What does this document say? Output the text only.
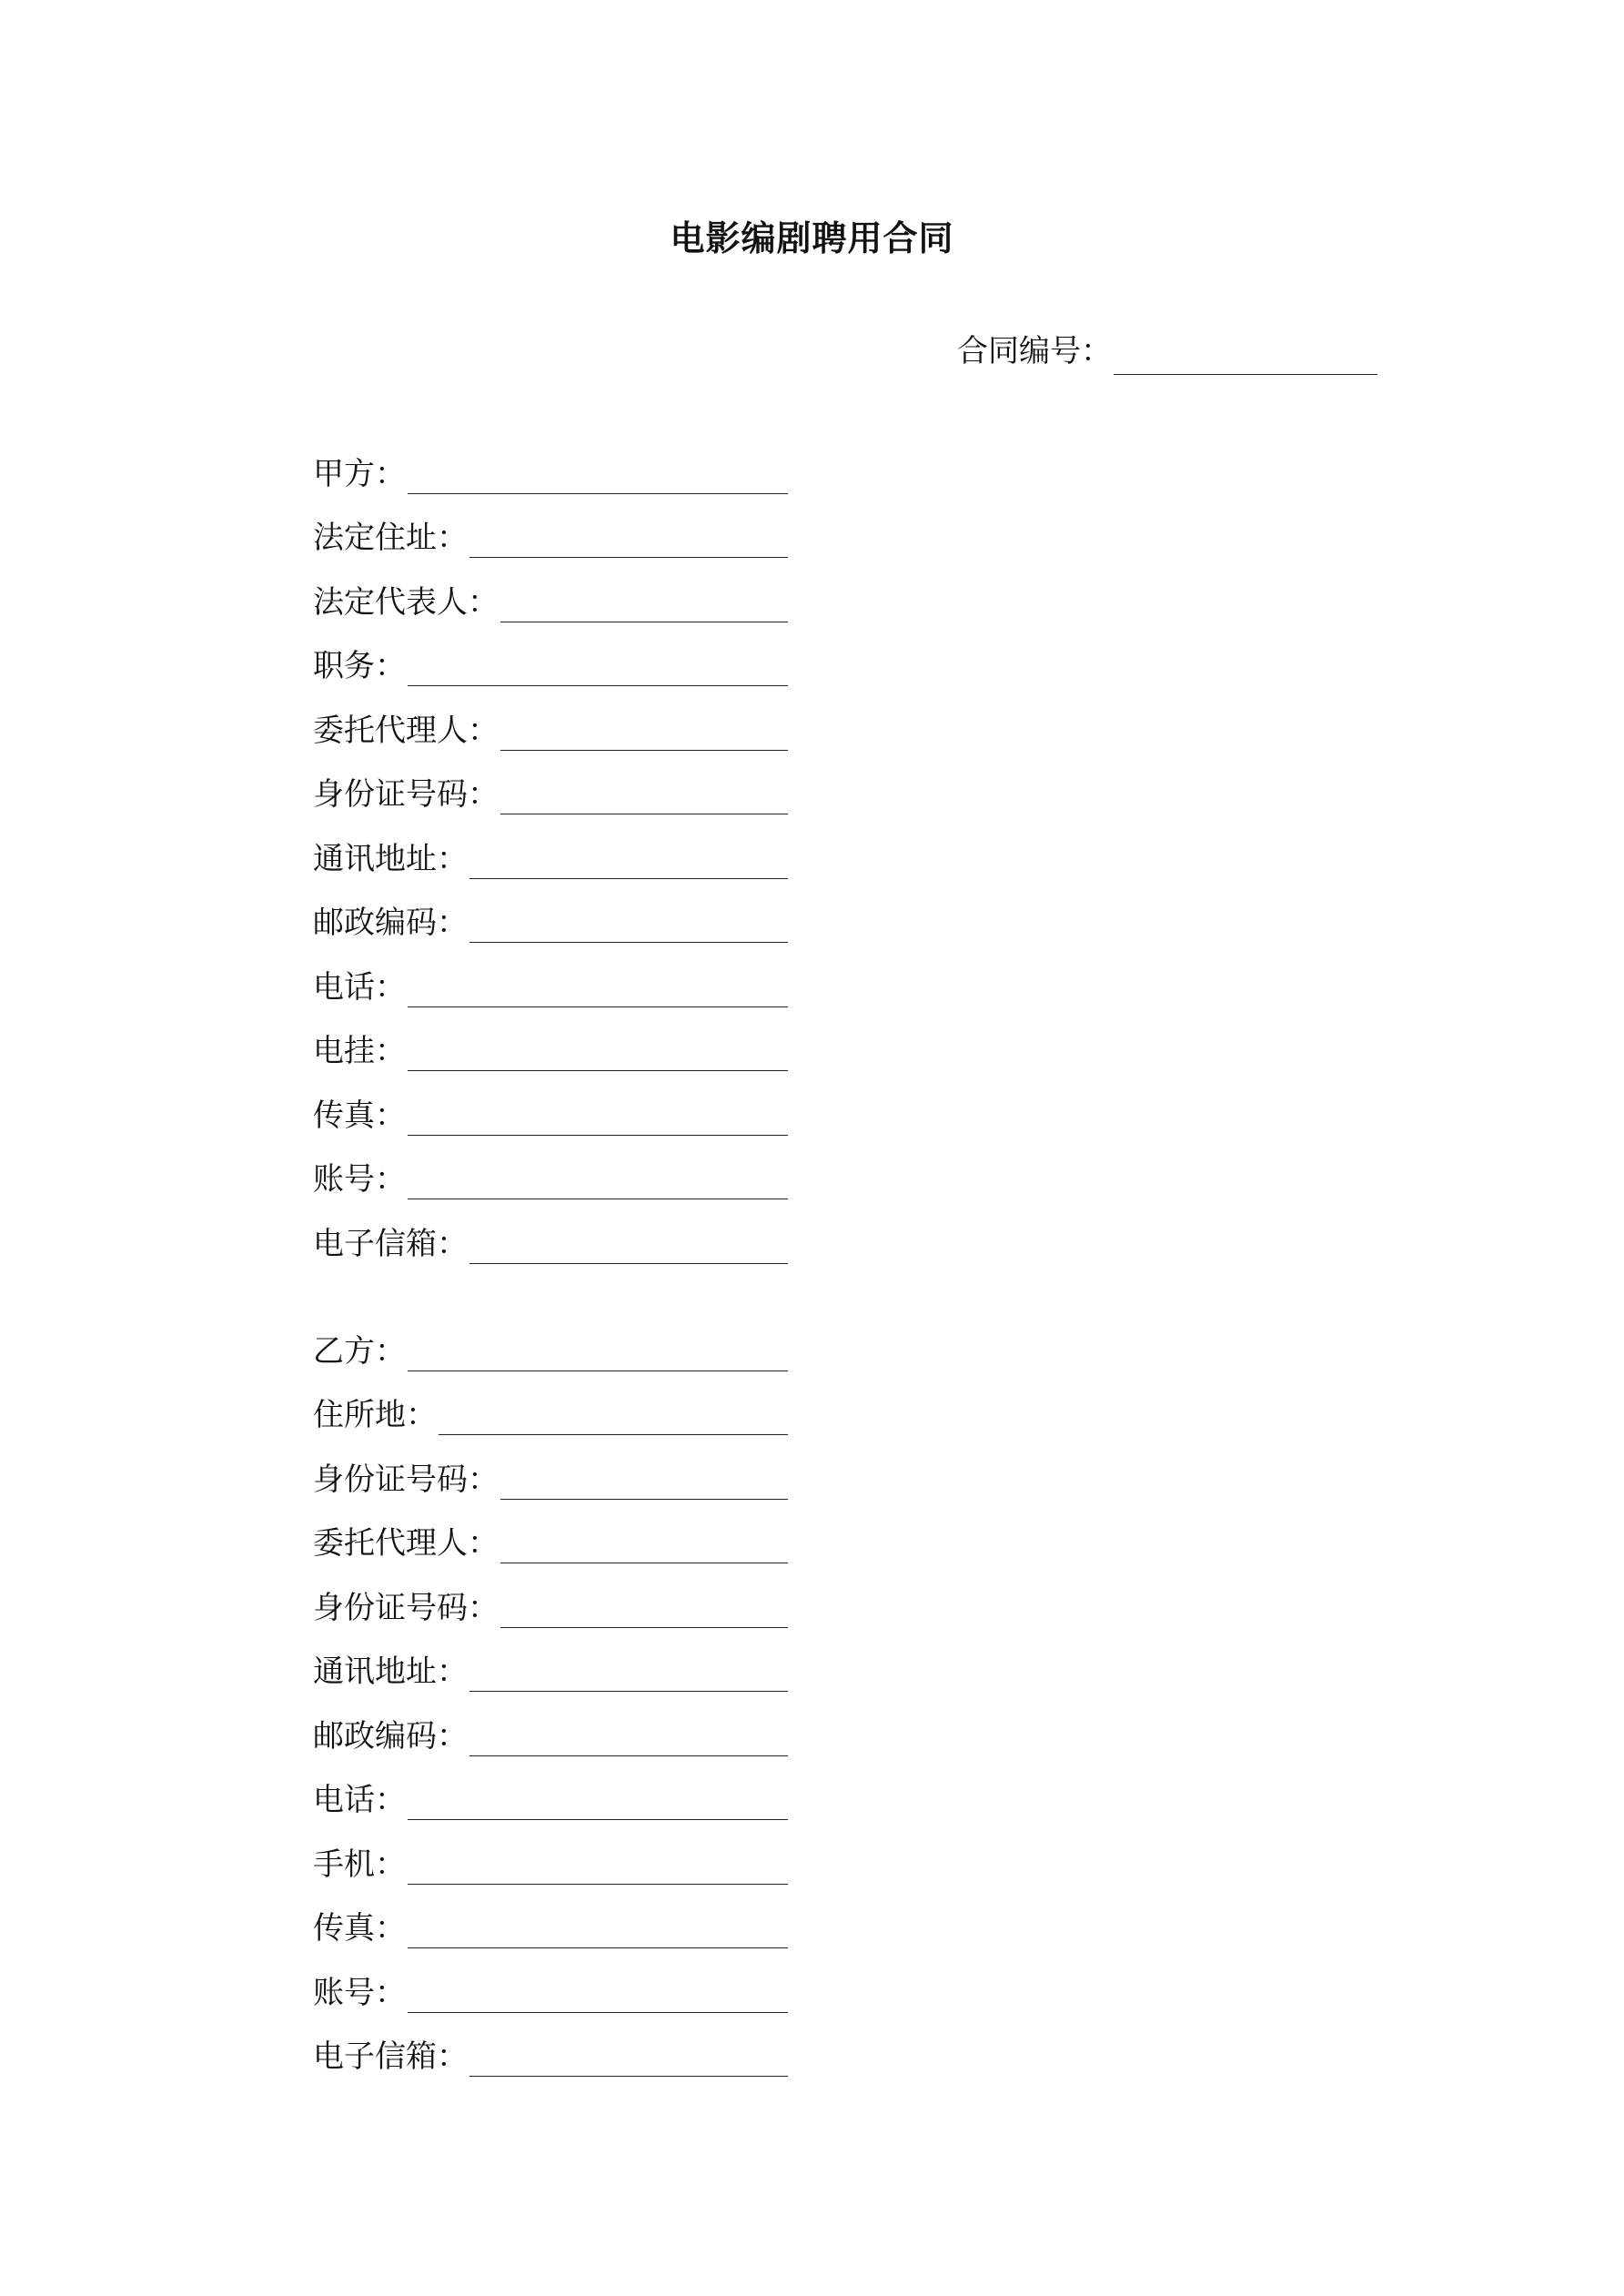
电影编剧聘用合同
合同编号：
甲方：
法定住址：
法定代表人：
职务：
委托代理人：
身份证号码：
通讯地址：
邮政编码：
电话：
电挂：
传真：
账号：
电子信箱：
乙方：
住所地：
身份证号码：
委托代理人：
身份证号码：
通讯地址：
邮政编码：
电话：
手机：
传真：
账号：
电子信箱：
